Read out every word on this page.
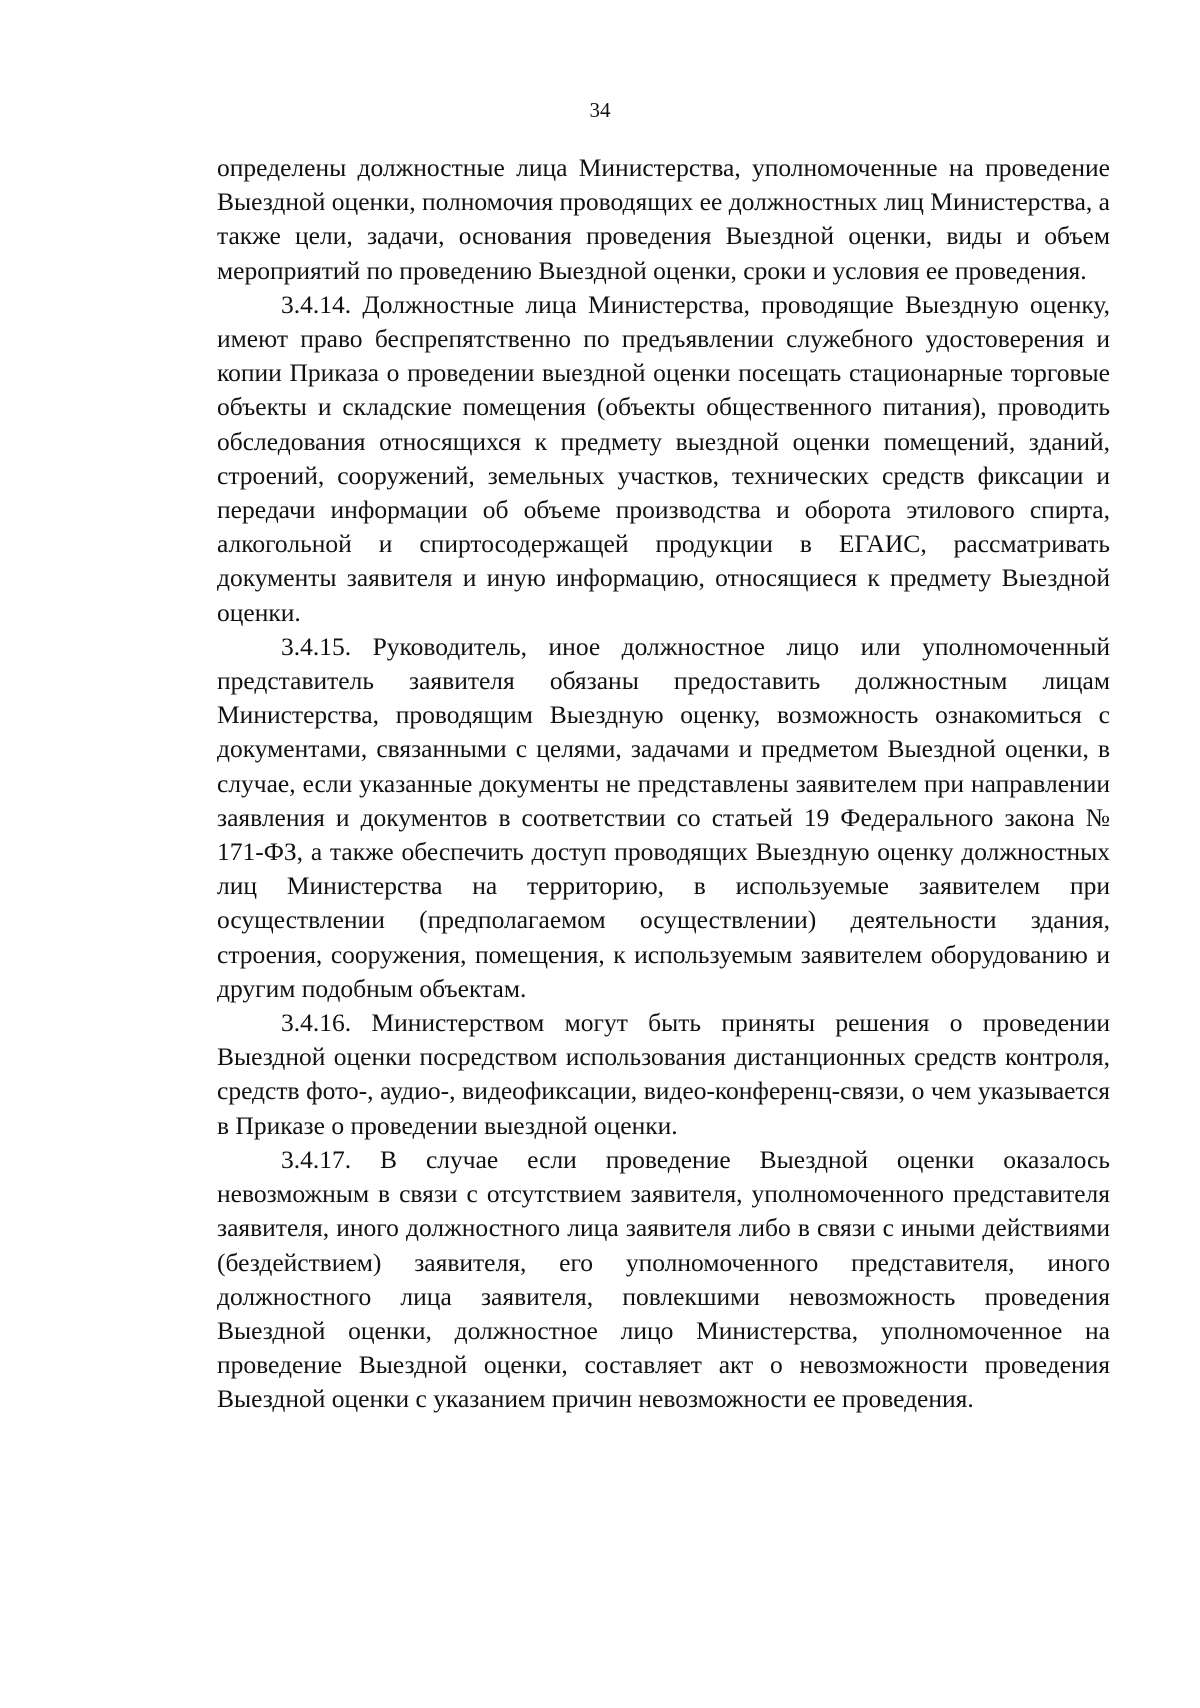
34

определены должностные лица Министерства, уполномоченные на проведение Выездной оценки, полномочия проводящих ее должностных лиц Министерства, а также цели, задачи, основания проведения Выездной оценки, виды и объем мероприятий по проведению Выездной оценки, сроки и условия ее проведения.

3.4.14. Должностные лица Министерства, проводящие Выездную оценку, имеют право беспрепятственно по предъявлении служебного удостоверения и копии Приказа о проведении выездной оценки посещать стационарные торговые объекты и складские помещения (объекты общественного питания), проводить обследования относящихся к предмету выездной оценки помещений, зданий, строений, сооружений, земельных участков, технических средств фиксации и передачи информации об объеме производства и оборота этилового спирта, алкогольной и спиртосодержащей продукции в ЕГАИС, рассматривать документы заявителя и иную информацию, относящиеся к предмету Выездной оценки.

3.4.15. Руководитель, иное должностное лицо или уполномоченный представитель заявителя обязаны предоставить должностным лицам Министерства, проводящим Выездную оценку, возможность ознакомиться с документами, связанными с целями, задачами и предметом Выездной оценки, в случае, если указанные документы не представлены заявителем при направлении заявления и документов в соответствии со статьей 19 Федерального закона № 171-ФЗ, а также обеспечить доступ проводящих Выездную оценку должностных лиц Министерства на территорию, в используемые заявителем при осуществлении (предполагаемом осуществлении) деятельности здания, строения, сооружения, помещения, к используемым заявителем оборудованию и другим подобным объектам.

3.4.16. Министерством могут быть приняты решения о проведении Выездной оценки посредством использования дистанционных средств контроля, средств фото-, аудио-, видеофиксации, видео-конференц-связи, о чем указывается в Приказе о проведении выездной оценки.

3.4.17. В случае если проведение Выездной оценки оказалось невозможным в связи с отсутствием заявителя, уполномоченного представителя заявителя, иного должностного лица заявителя либо в связи с иными действиями (бездействием) заявителя, его уполномоченного представителя, иного должностного лица заявителя, повлекшими невозможность проведения Выездной оценки, должностное лицо Министерства, уполномоченное на проведение Выездной оценки, составляет акт о невозможности проведения Выездной оценки с указанием причин невозможности ее проведения.
